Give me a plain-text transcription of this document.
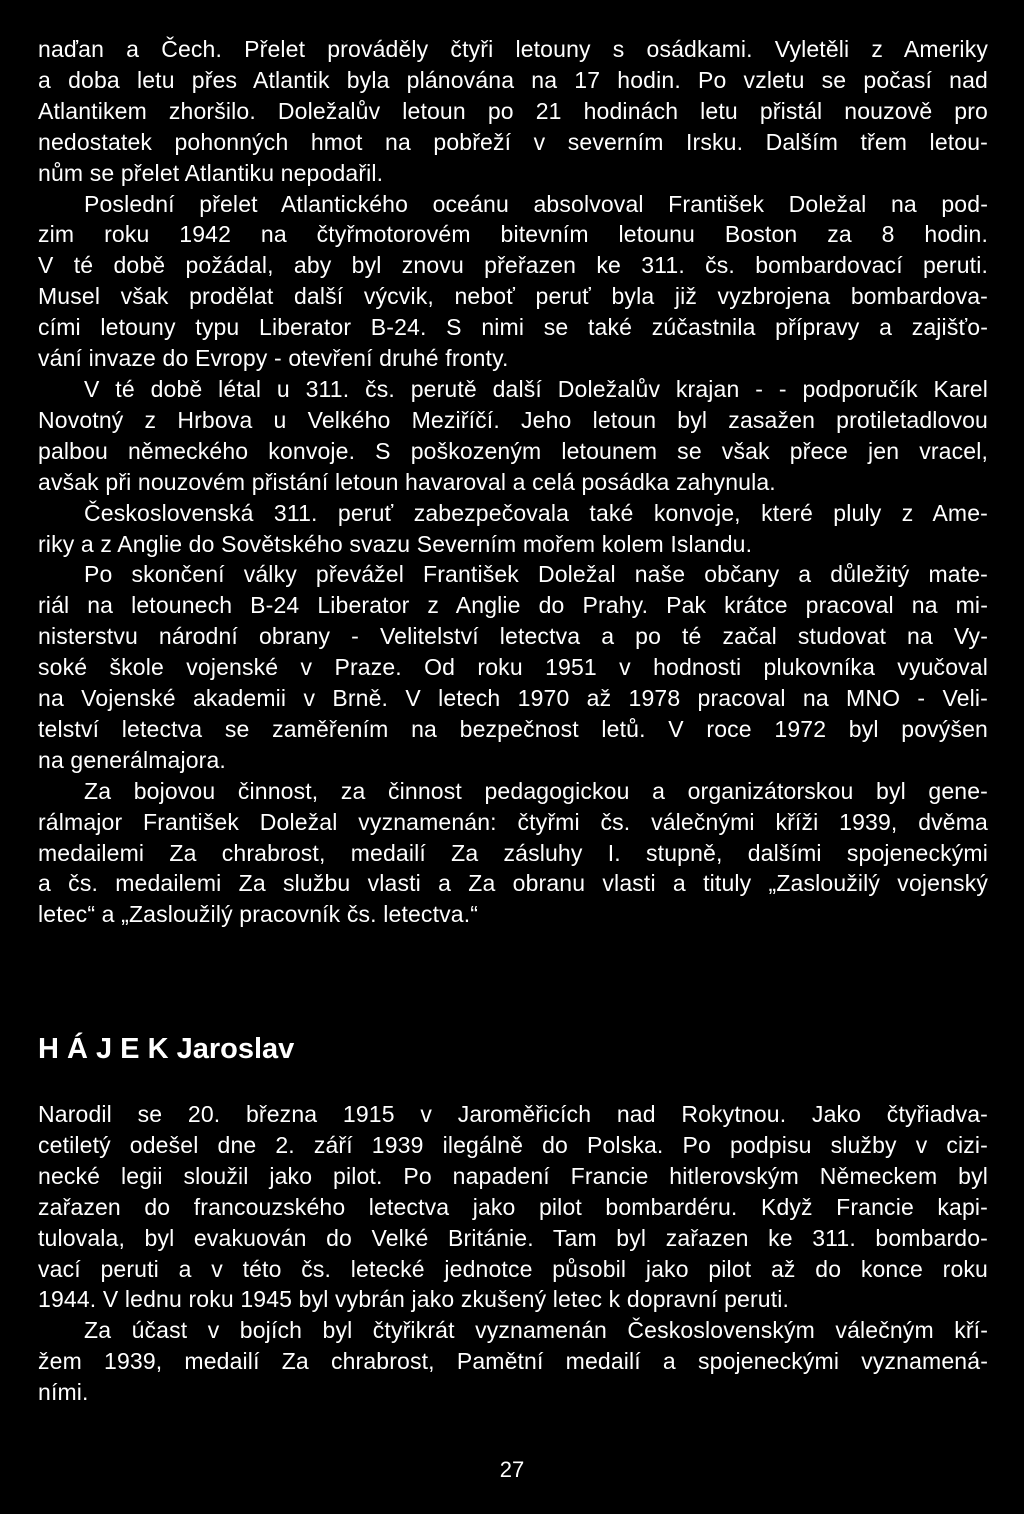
naďan a Čech. Přelet prováděly čtyři letouny s osádkami. Vyletěli z Ameriky

a doba letu přes Atlantik byla plánována na 17 hodin. Po vzletu se počasí nad

Atlantikem zhoršilo. Doležalův letoun po 21 hodinách letu přistál nouzově pro

nedostatek pohonných hmot na pobřeží v severním Irsku. Dalším třem letou-

nům se přelet Atlantiku nepodařil.

Poslední přelet Atlantického oceánu absolvoval František Doležal na pod-

zim roku 1942 na čtyřmotorovém bitevním letounu Boston za 8 hodin.

V té době požádal, aby byl znovu přeřazen ke 311. čs. bombardovací peruti.

Musel však prodělat další výcvik, neboť peruť byla již vyzbrojena bombardova-

cími letouny typu Liberator B-24. S nimi se také zúčastnila přípravy a zajišťo-

vání invaze do Evropy - otevření druhé fronty.

V té době létal u 311. čs. perutě další Doležalův krajan - - podporučík Karel

Novotný z Hrbova u Velkého Meziříčí. Jeho letoun byl zasažen protiletadlovou

palbou německého konvoje. S poškozeným letounem se však přece jen vracel,

avšak při nouzovém přistání letoun havaroval a celá posádka zahynula.

Československá 311. peruť zabezpečovala také konvoje, které pluly z Ame-

riky a z Anglie do Sovětského svazu Severním mořem kolem Islandu.

Po skončení války převážel František Doležal naše občany a důležitý mate-

riál na letounech B-24 Liberator z Anglie do Prahy. Pak krátce pracoval na mi-

nisterstvu národní obrany - Velitelství letectva a po té začal studovat na Vy-

soké škole vojenské v Praze. Od roku 1951 v hodnosti plukovníka vyučoval

na Vojenské akademii v Brně. V letech 1970 až 1978 pracoval na MNO - Veli-

telství letectva se zaměřením na bezpečnost letů. V roce 1972 byl povýšen

na generálmajora.

Za bojovou činnost, za činnost pedagogickou a organizátorskou byl gene-

rálmajor František Doležal vyznamenán: čtyřmi čs. válečnými kříži 1939, dvěma

medailemi Za chrabrost, medailí Za zásluhy I. stupně, dalšími spojeneckými

a čs. medailemi Za službu vlasti a Za obranu vlasti a tituly „Zasloužilý vojenský

letec“ a „Zasloužilý pracovník čs. letectva.“

H Á J E K Jaroslav

Narodil se 20. března 1915 v Jaroměřicích nad Rokytnou. Jako čtyřiadva-

cetiletý odešel dne 2. září 1939 ilegálně do Polska. Po podpisu služby v cizi-

necké legii sloužil jako pilot. Po napadení Francie hitlerovským Německem byl

zařazen do francouzského letectva jako pilot bombardéru. Když Francie kapi-

tulovala, byl evakuován do Velké Británie. Tam byl zařazen ke 311. bombardo-

vací peruti a v této čs. letecké jednotce působil jako pilot až do konce roku

1944. V lednu roku 1945 byl vybrán jako zkušený letec k dopravní peruti.

Za účast v bojích byl čtyřikrát vyznamenán Československým válečným kří-

žem 1939, medailí Za chrabrost, Pamětní medailí a spojeneckými vyznamená-

ními.

27
